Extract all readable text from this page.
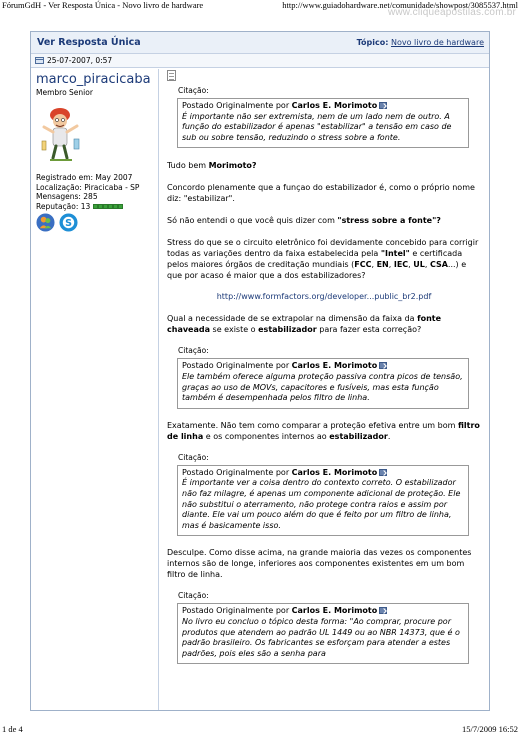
FórumGdH - Ver Resposta Única - Novo livro de hardware	http://www.guiadohardware.net/comunidade/showpost/3085537.html
www.cliqueapostilas.com.br
Ver Resposta Única	Tópico: Novo livro de hardware
25-07-2007, 0:57
marco_piracicaba
Membro Senior
Registrado em: May 2007
Localização: Piracicaba - SP
Mensagens: 285
Reputação: 13
S
Citação:
Postado Originalmente por Carlos E. Morimoto
É importante não ser extremista, nem de um lado nem de outro. A função do estabilizador é apenas "estabilizar" a tensão em caso de sub ou sobre tensão, reduzindo o stress sobre a fonte.

Tudo bem Morimoto?

Concordo plenamente que a funçao do estabilizador é, como o próprio nome diz: "estabilizar".

Só não entendi o que você quis dizer com "stress sobre a fonte"?

Stress do que se o circuito eletrônico foi devidamente concebido para corrigir todas as variações dentro da faixa estabelecida pela "Intel" e certificada pelos maiores órgãos de creditação mundiais (FCC, EN, IEC, UL, CSA...) e que por acaso é maior que a dos estabilizadores?

http://www.formfactors.org/developer...public_br2.pdf

Qual a necessidade de se extrapolar na dimensão da faixa da fonte chaveada se existe o estabilizador para fazer esta correção?

Citação:
Postado Originalmente por Carlos E. Morimoto
Ele também oferece alguma proteção passiva contra picos de tensão, graças ao uso de MOVs, capacitores e fusíveis, mas esta função também é desempenhada pelos filtro de linha.

Exatamente. Não tem como comparar a proteção efetiva entre um bom filtro de linha e os componentes internos ao estabilizador.

Citação:
Postado Originalmente por Carlos E. Morimoto
É importante ver a coisa dentro do contexto correto. O estabilizador não faz milagre, é apenas um componente adicional de proteção. Ele não substitui o aterramento, não protege contra raios e assim por diante. Ele vai um pouco além do que é feito por um filtro de linha, mas é basicamente isso.

Desculpe. Como disse acima, na grande maioria das vezes os componentes internos são de longe, inferiores aos componentes existentes em um bom filtro de linha.

Citação:
Postado Originalmente por Carlos E. Morimoto
No livro eu concluo o tópico desta forma: "Ao comprar, procure por produtos que atendem ao padrão UL 1449 ou ao NBR 14373, que é o padrão brasileiro. Os fabricantes se esforçam para atender a estes padrões, pois eles são a senha para
1 de 4	15/7/2009 16:52
